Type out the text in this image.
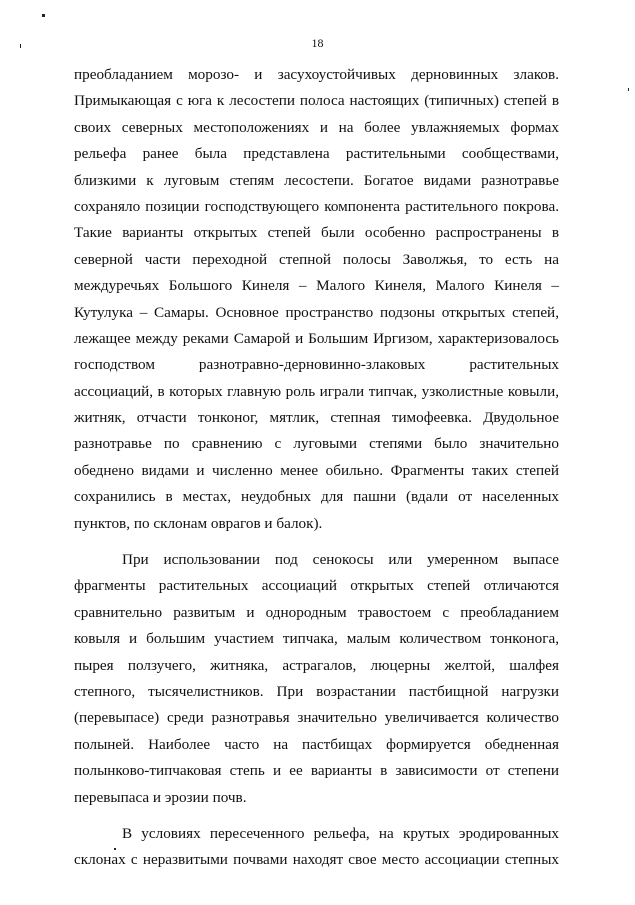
18
преобладанием морозо- и засухоустойчивых дерновинных злаков.
Примыкающая с юга к лесостепи полоса настоящих (типичных) степей в
своих северных местоположениях и на более увлажняемых формах
рельефа ранее была представлена растительными сообществами,
близкими к луговым степям лесостепи. Богатое видами разнотравье
сохраняло позиции господствующего компонента растительного покрова.
Такие варианты открытых степей были особенно распространены в
северной части переходной степной полосы Заволжья, то есть на
междуречьях Большого Кинеля – Малого Кинеля, Малого Кинеля –
Кутулука – Самары. Основное пространство подзоны открытых степей,
лежащее между реками Самарой и Большим Иргизом, характеризовалось
господством разнотравно-дерновинно-злаковых растительных
ассоциаций, в которых главную роль играли типчак, узколистные ковыли,
житняк, отчасти тонконог, мятлик, степная тимофеевка. Двудольное
разнотравье по сравнению с луговыми степями было значительно
обеднено видами и численно менее обильно. Фрагменты таких степей
сохранились в местах, неудобных для пашни (вдали от населенных
пунктов, по склонам оврагов и балок).
При использовании под сенокосы или умеренном выпасе
фрагменты растительных ассоциаций открытых степей отличаются
сравнительно развитым и однородным травостоем с преобладанием
ковыля и большим участием типчака, малым количеством тонконога,
пырея ползучего, житняка, астрагалов, люцерны желтой, шалфея
степного, тысячелистников. При возрастании пастбищной нагрузки
(перевыпасе) среди разнотравья значительно увеличивается количество
полыней. Наиболее часто на пастбищах формируется обедненная
полынково-типчаковая степь и ее варианты в зависимости от степени
перевыпаса и эрозии почв.
В условиях пересеченного рельефа, на крутых эродированных
склонах с неразвитыми почвами находят свое место ассоциации степных
